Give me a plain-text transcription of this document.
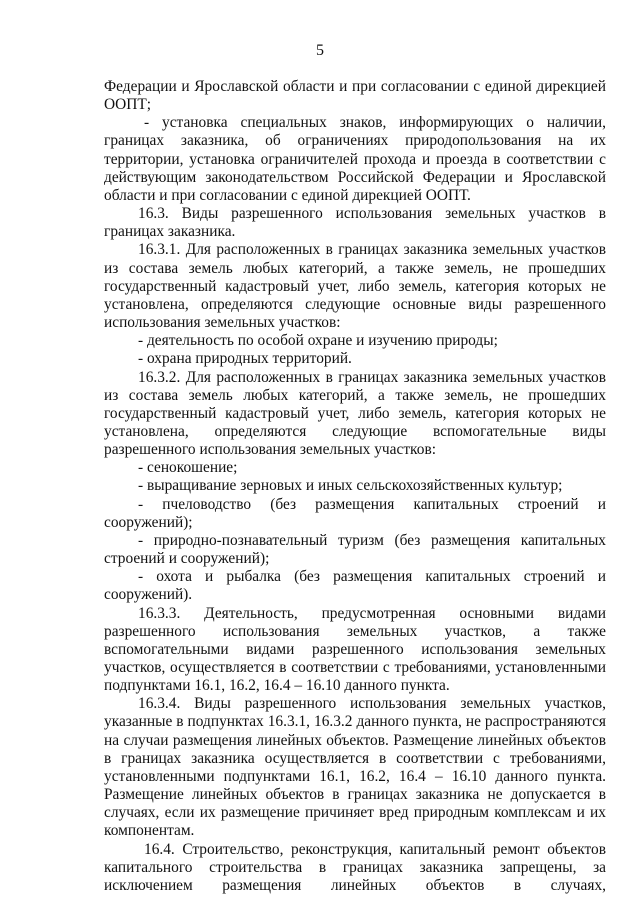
5

Федерации и Ярославской области и при согласовании с единой дирекцией ООПТ;

- установка специальных знаков, информирующих о наличии, границах заказника, об ограничениях природопользования на их территории, установка ограничителей прохода и проезда в соответствии с действующим законодательством Российской Федерации и Ярославской области и при согласовании с единой дирекцией ООПТ.

16.3. Виды разрешенного использования земельных участков в границах заказника.

16.3.1. Для расположенных в границах заказника земельных участков из состава земель любых категорий, а также земель, не прошедших государственный кадастровый учет, либо земель, категория которых не установлена, определяются следующие основные виды разрешенного использования земельных участков:

- деятельность по особой охране и изучению природы;

- охрана природных территорий.

16.3.2. Для расположенных в границах заказника земельных участков из состава земель любых категорий, а также земель, не прошедших государственный кадастровый учет, либо земель, категория которых не установлена, определяются следующие вспомогательные виды разрешенного использования земельных участков:

- сенокошение;

- выращивание зерновых и иных сельскохозяйственных культур;

- пчеловодство (без размещения капитальных строений и сооружений);

- природно-познавательный туризм (без размещения капитальных строений и сооружений);

- охота и рыбалка (без размещения капитальных строений и сооружений).

16.3.3. Деятельность, предусмотренная основными видами разрешенного использования земельных участков, а также вспомогательными видами разрешенного использования земельных участков, осуществляется в соответствии с требованиями, установленными подпунктами 16.1, 16.2, 16.4 – 16.10 данного пункта.

16.3.4. Виды разрешенного использования земельных участков, указанные в подпунктах 16.3.1, 16.3.2 данного пункта, не распространяются на случаи размещения линейных объектов. Размещение линейных объектов в границах заказника осуществляется в соответствии с требованиями, установленными подпунктами 16.1, 16.2, 16.4 – 16.10 данного пункта. Размещение линейных объектов в границах заказника не допускается в случаях, если их размещение причиняет вред природным комплексам и их компонентам.

16.4. Строительство, реконструкция, капитальный ремонт объектов капитального строительства в границах заказника запрещены, за исключением размещения линейных объектов в случаях,
